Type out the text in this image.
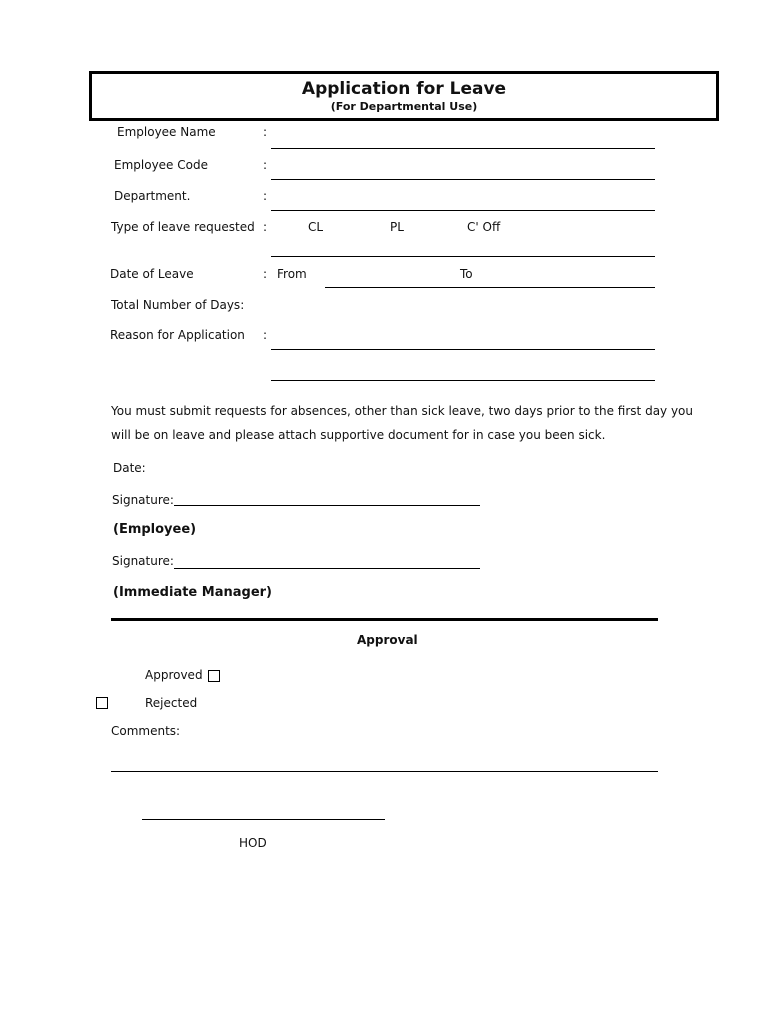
Application for Leave
(For Departmental Use)
Employee Name	:
Employee Code	:
Department.	:
Type of leave requested :	CL	PL	C' Off
Date of Leave	: From	To
Total Number of Days:
Reason for Application :
You must submit requests for absences, other than sick leave, two days prior to the first day you
will be on leave and please attach supportive document for in case you been sick.
Date:
Signature:
(Employee)
Signature:
(Immediate Manager)
Approval
Approved
Rejected
Comments:
HOD
